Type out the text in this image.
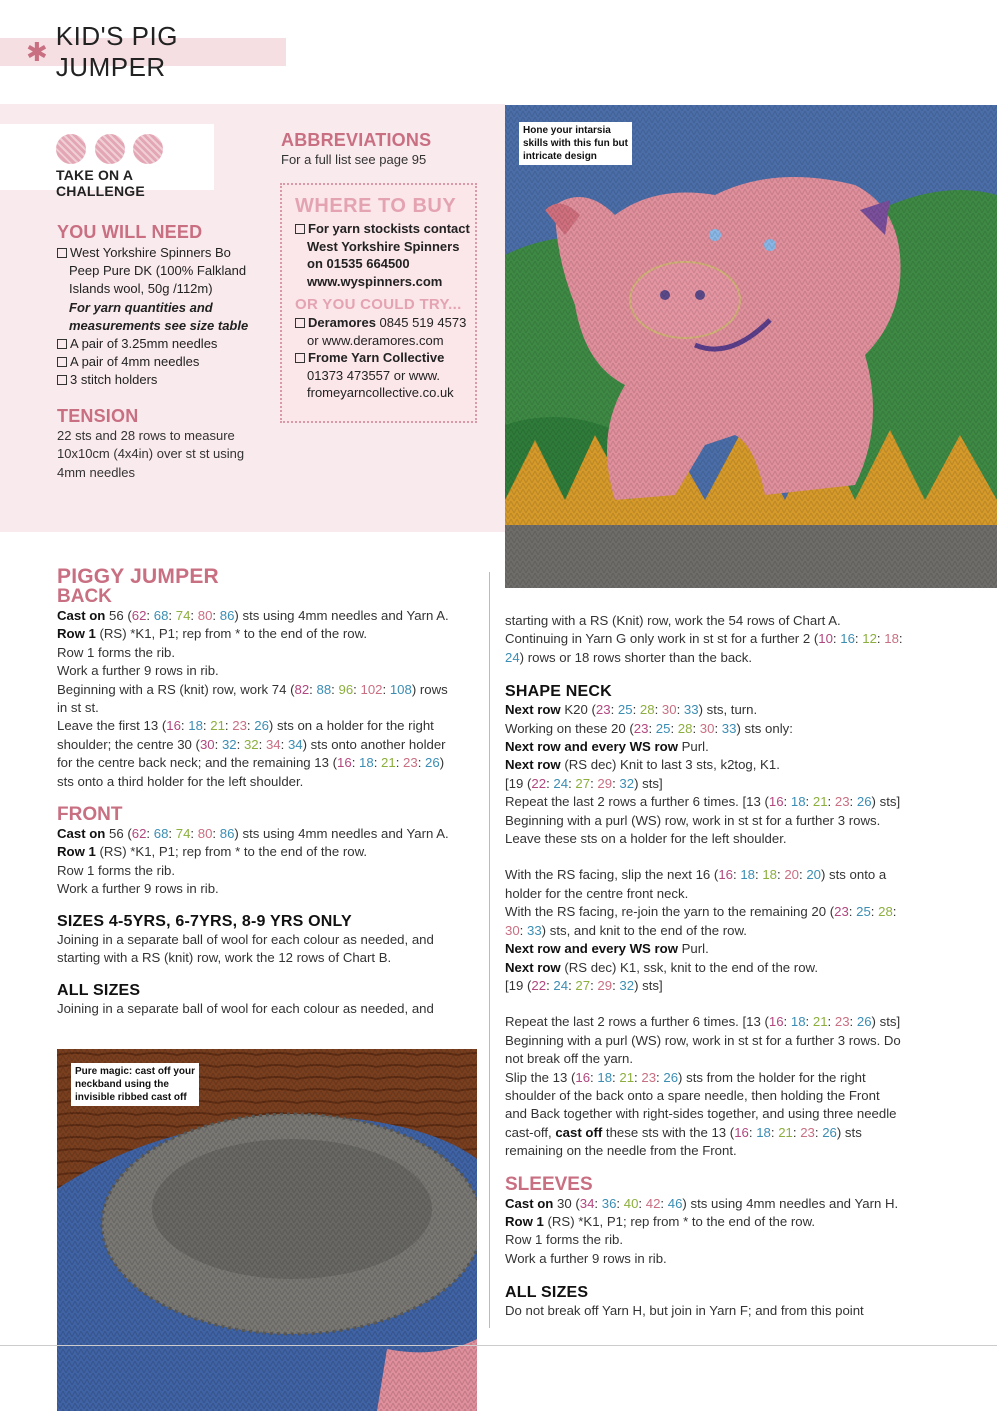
✱
KID'S PIG JUMPER
TAKE ON A CHALLENGE
YOU WILL NEED
West Yorkshire Spinners Bo
Peep Pure DK (100% Falkland
Islands wool, 50g /112m)
For yarn quantities and
measurements see size table
A pair of 3.25mm needles
A pair of 4mm needles
3 stitch holders
TENSION
22 sts and 28 rows to measure
10x10cm (4x4in) over st st using
4mm needles
ABBREVIATIONS
For a full list see page 95
WHERE TO BUY
For yarn stockists contact
West Yorkshire Spinners
on 01535 664500
www.wyspinners.com
OR YOU COULD TRY...
Deramores 0845 519 4573
or www.deramores.com
Frome Yarn Collective
01373 473557 or www.
fromeyarncollective.co.uk
Hone your intarsia
skills with this fun but
intricate design
PIGGY JUMPER
BACK
Cast on 56 (62: 68: 74: 80: 86) sts using 4mm needles and Yarn A.
Row 1 (RS) *K1, P1; rep from * to the end of the row.
Row 1 forms the rib.
Work a further 9 rows in rib.
Beginning with a RS (knit) row, work 74 (82: 88: 96: 102: 108) rows
in st st.
Leave the first 13 (16: 18: 21: 23: 26) sts on a holder for the right
shoulder; the centre 30 (30: 32: 32: 34: 34) sts onto another holder
for the centre back neck; and the remaining 13 (16: 18: 21: 23: 26)
sts onto a third holder for the left shoulder.
FRONT
Cast on 56 (62: 68: 74: 80: 86) sts using 4mm needles and Yarn A.
Row 1 (RS) *K1, P1; rep from * to the end of the row.
Row 1 forms the rib.
Work a further 9 rows in rib.
SIZES 4-5YRS, 6-7YRS, 8-9 YRS ONLY
Joining in a separate ball of wool for each colour as needed, and
starting with a RS (knit) row, work the 12 rows of Chart B.
ALL SIZES
Joining in a separate ball of wool for each colour as needed, and
starting with a RS (Knit) row, work the 54 rows of Chart A.
Continuing in Yarn G only work in st st for a further 2 (10: 16: 12: 18:
24) rows or 18 rows shorter than the back.
SHAPE NECK
Next row K20 (23: 25: 28: 30: 33) sts, turn.
Working on these 20 (23: 25: 28: 30: 33) sts only:
Next row and every WS row Purl.
Next row (RS dec) Knit to last 3 sts, k2tog, K1.
[19 (22: 24: 27: 29: 32) sts]
Repeat the last 2 rows a further 6 times. [13 (16: 18: 21: 23: 26) sts]
Beginning with a purl (WS) row, work in st st for a further 3 rows.
Leave these sts on a holder for the left shoulder.
With the RS facing, slip the next 16 (16: 18: 18: 20: 20) sts onto a
holder for the centre front neck.
With the RS facing, re-join the yarn to the remaining 20 (23: 25: 28:
30: 33) sts, and knit to the end of the row.
Next row and every WS row Purl.
Next row (RS dec) K1, ssk, knit to the end of the row.
[19 (22: 24: 27: 29: 32) sts]
Repeat the last 2 rows a further 6 times. [13 (16: 18: 21: 23: 26) sts]
Beginning with a purl (WS) row, work in st st for a further 3 rows. Do
not break off the yarn.
Slip the 13 (16: 18: 21: 23: 26) sts from the holder for the right
shoulder of the back onto a spare needle, then holding the Front
and Back together with right-sides together, and using three needle
cast-off, cast off these sts with the 13 (16: 18: 21: 23: 26) sts
remaining on the needle from the Front.
SLEEVES
Cast on 30 (34: 36: 40: 42: 46) sts using 4mm needles and Yarn H.
Row 1 (RS) *K1, P1; rep from * to the end of the row.
Row 1 forms the rib.
Work a further 9 rows in rib.
ALL SIZES
Do not break off Yarn H, but join in Yarn F; and from this point
Pure magic: cast off your
neckband using the
invisible ribbed cast off
